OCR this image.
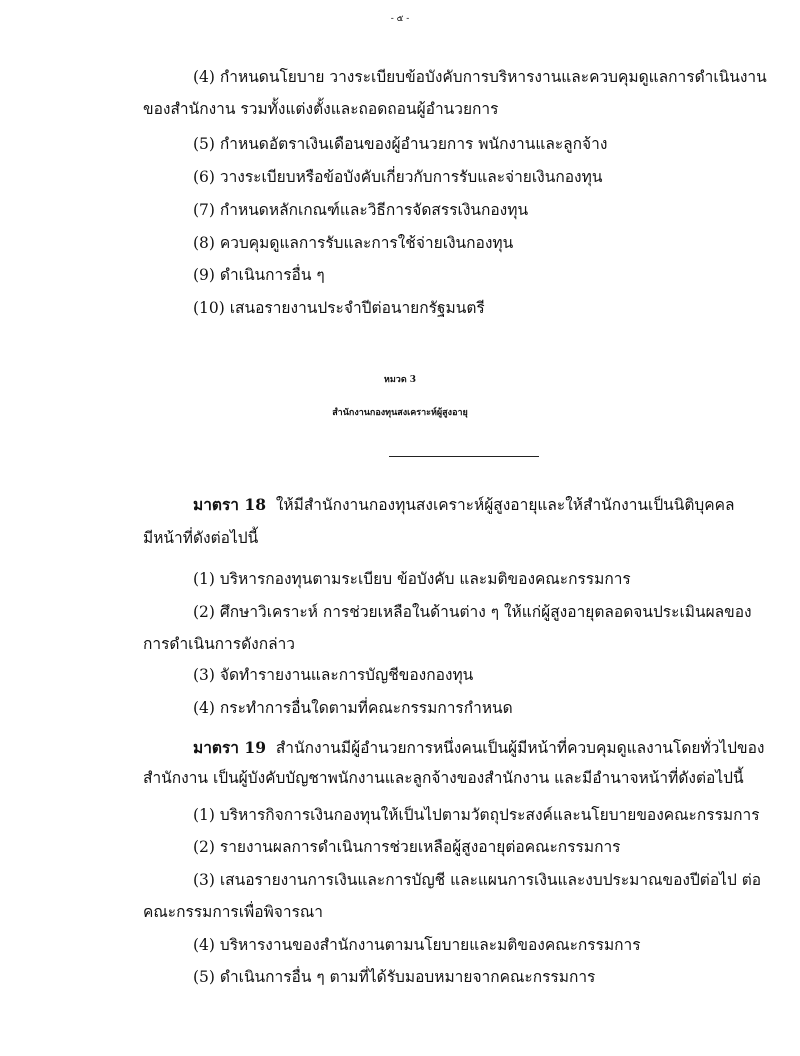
- ๕ -
(4) กำหนดนโยบาย วางระเบียบข้อบังคับการบริหารงานและควบคุมดูแลการดำเนินงาน
ของสำนักงาน รวมทั้งแต่งตั้งและถอดถอนผู้อำนวยการ
(5) กำหนดอัตราเงินเดือนของผู้อำนวยการ พนักงานและลูกจ้าง
(6) วางระเบียบหรือข้อบังคับเกี่ยวกับการรับและจ่ายเงินกองทุน
(7) กำหนดหลักเกณฑ์และวิธีการจัดสรรเงินกองทุน
(8) ควบคุมดูแลการรับและการใช้จ่ายเงินกองทุน
(9) ดำเนินการอื่น ๆ
(10) เสนอรายงานประจำปีต่อนายกรัฐมนตรี
หมวด 3
สำนักงานกองทุนสงเคราะห์ผู้สูงอายุ
มาตรา 18 ให้มีสำนักงานกองทุนสงเคราะห์ผู้สูงอายุและให้สำนักงานเป็นนิติบุคคล
มีหน้าที่ดังต่อไปนี้
(1) บริหารกองทุนตามระเบียบ ข้อบังคับ และมติของคณะกรรมการ
(2) ศึกษาวิเคราะห์ การช่วยเหลือในด้านต่าง ๆ ให้แก่ผู้สูงอายุตลอดจนประเมินผลของ
การดำเนินการดังกล่าว
(3) จัดทำรายงานและการบัญชีของกองทุน
(4) กระทำการอื่นใดตามที่คณะกรรมการกำหนด
มาตรา 19 สำนักงานมีผู้อำนวยการหนึ่งคนเป็นผู้มีหน้าที่ควบคุมดูแลงานโดยทั่วไปของ
สำนักงาน เป็นผู้บังคับบัญชาพนักงานและลูกจ้างของสำนักงาน และมีอำนาจหน้าที่ดังต่อไปนี้
(1) บริหารกิจการเงินกองทุนให้เป็นไปตามวัตถุประสงค์และนโยบายของคณะกรรมการ
(2) รายงานผลการดำเนินการช่วยเหลือผู้สูงอายุต่อคณะกรรมการ
(3) เสนอรายงานการเงินและการบัญชี และแผนการเงินและงบประมาณของปีต่อไป ต่อ
คณะกรรมการเพื่อพิจารณา
(4) บริหารงานของสำนักงานตามนโยบายและมติของคณะกรรมการ
(5) ดำเนินการอื่น ๆ ตามที่ได้รับมอบหมายจากคณะกรรมการ
